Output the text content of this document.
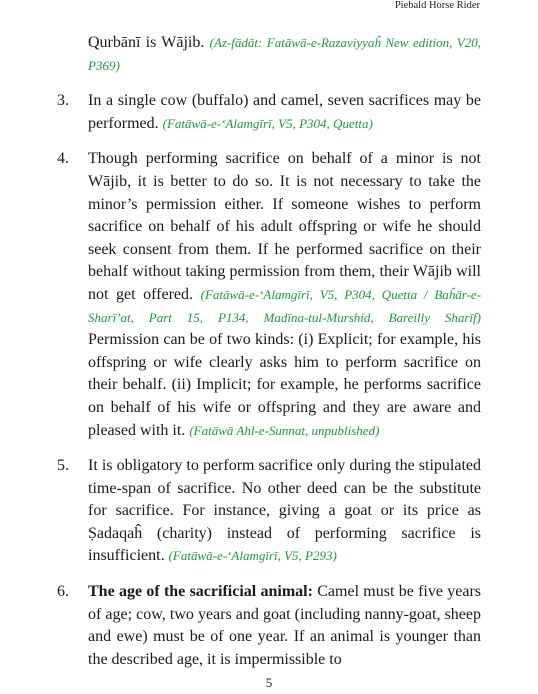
Piebald Horse Rider
Qurbānī is Wājib. (Az-fādāt: Fatāwā-e-Razaviyyaĥ New edition, V20, P369)
3.	In a single cow (buffalo) and camel, seven sacrifices may be performed. (Fatāwā-e-‘Alamgīrī, V5, P304, Quetta)
4.	Though performing sacrifice on behalf of a minor is not Wājib, it is better to do so. It is not necessary to take the minor’s permission either. If someone wishes to perform sacrifice on behalf of his adult offspring or wife he should seek consent from them. If he performed sacrifice on their behalf without taking permission from them, their Wājib will not get offered. (Fatāwā-e-‘Alamgīrī, V5, P304, Quetta / Baĥār-e-Sharī’at, Part 15, P134, Madīna-tul-Murshid, Bareilly Sharīf) Permission can be of two kinds: (i) Explicit; for example, his offspring or wife clearly asks him to perform sacrifice on their behalf. (ii) Implicit; for example, he performs sacrifice on behalf of his wife or offspring and they are aware and pleased with it. (Fatāwā Ahl-e-Sunnat, unpublished)
5.	It is obligatory to perform sacrifice only during the stipulated time-span of sacrifice. No other deed can be the substitute for sacrifice. For instance, giving a goat or its price as Ṣadaqaĥ (charity) instead of performing sacrifice is insufficient. (Fatāwā-e-‘Alamgīrī, V5, P293)
6.	The age of the sacrificial animal: Camel must be five years of age; cow, two years and goat (including nanny-goat, sheep and ewe) must be of one year. If an animal is younger than the described age, it is impermissible to
5
